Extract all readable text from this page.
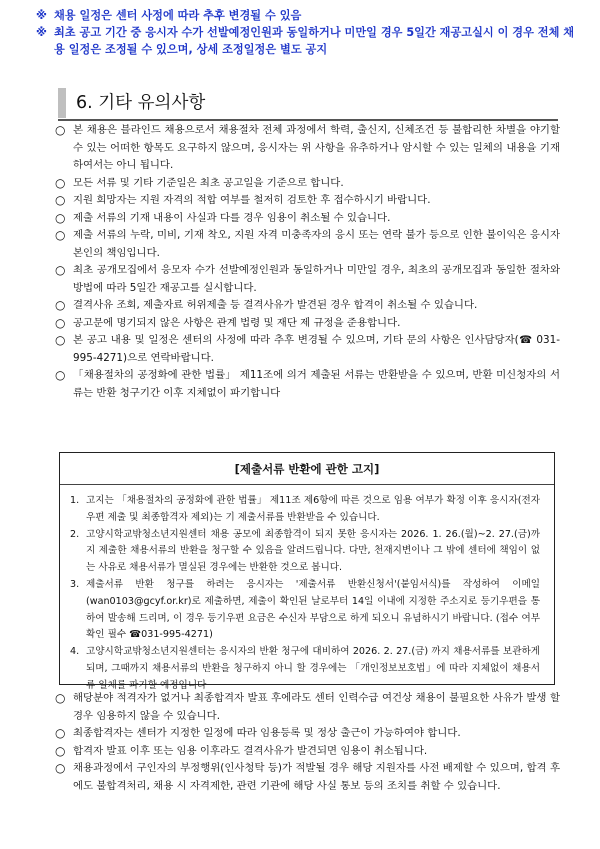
※ 채용 일정은 센터 사정에 따라 추후 변경될 수 있음
※ 최초 공고 기간 중 응시자 수가 선발예정인원과 동일하거나 미만일 경우 5일간 재공고실시 이 경우 전체 채용 일정은 조정될 수 있으며, 상세 조정일정은 별도 공지
6. 기타 유의사항
○ 본 채용은 블라인드 채용으로서 채용절차 전체 과정에서 학력, 출신지, 신체조건 등 불합리한 차별을 야기할 수 있는 어떠한 항목도 요구하지 않으며, 응시자는 위 사항을 유추하거나 암시할 수 있는 일체의 내용을 기재하여서는 아니 됩니다.
○ 모든 서류 및 기타 기준일은 최초 공고일을 기준으로 합니다.
○ 지원 희망자는 지원 자격의 적합 여부를 철저히 검토한 후 접수하시기 바랍니다.
○ 제출 서류의 기재 내용이 사실과 다를 경우 임용이 취소될 수 있습니다.
○ 제출 서류의 누락, 미비, 기재 착오, 지원 자격 미충족자의 응시 또는 연락 불가 등으로 인한 불이익은 응시자 본인의 책임입니다.
○ 최초 공개모집에서 응모자 수가 선발예정인원과 동일하거나 미만일 경우, 최초의 공개모집과 동일한 절차와 방법에 따라 5일간 재공고를 실시합니다.
○ 결격사유 조회, 제출자료 허위제출 등 결격사유가 발견된 경우 합격이 취소될 수 있습니다.
○ 공고문에 명기되지 않은 사항은 관계 법령 및 재단 제 규정을 준용합니다.
○ 본 공고 내용 및 일정은 센터의 사정에 따라 추후 변경될 수 있으며, 기타 문의 사항은 인사담당자(☎ 031-995-4271)으로 연락바랍니다.
○ 「채용절차의 공정화에 관한 법률」 제11조에 의거 제출된 서류는 반환받을 수 있으며, 반환 미신청자의 서류는 반환 청구기간 이후 지체없이 파기합니다
[제출서류 반환에 관한 고지]
1. 고지는 「채용절차의 공정화에 관한 법률」 제11조 제6항에 따른 것으로 임용 여부가 확정 이후 응시자(전자우편 제출 및 최종합격자 제외)는 기 제출서류를 반환받을 수 있습니다.
2. 고양시학교밖청소년지원센터 채용 공모에 최종합격이 되지 못한 응시자는 2026. 1. 26.(월)~2. 27.(금)까지 제출한 채용서류의 반환을 청구할 수 있음을 알려드립니다. 다만, 천재지변이나 그 밖에 센터에 책임이 없는 사유로 채용서류가 멸실된 경우에는 반환한 것으로 봅니다.
3. 제출서류 반환 청구를 하려는 응시자는 '제출서류 반환신청서'(붙임서식)를 작성하여 이메일(wan0103@gcyf.or.kr)로 제출하면, 제출이 확인된 날로부터 14일 이내에 지정한 주소지로 등기우편을 통하여 발송해 드리며, 이 경우 등기우편 요금은 수신자 부담으로 하게 되오니 유념하시기 바랍니다. (접수 여부 확인 필수 ☎031-995-4271)
4. 고양시학교밖청소년지원센터는 응시자의 반환 청구에 대비하여 2026. 2. 27.(금) 까지 채용서류를 보관하게 되며, 그때까지 채용서류의 반환을 청구하지 아니 할 경우에는 「개인정보보호법」에 따라 지체없이 채용서류 일체를 파기할 예정입니다
○ 해당분야 적격자가 없거나 최종합격자 발표 후에라도 센터 인력수급 여건상 채용이 불필요한 사유가 발생 할 경우 임용하지 않을 수 있습니다.
○ 최종합격자는 센터가 지정한 일정에 따라 임용등록 및 정상 출근이 가능하여야 합니다.
○ 합격자 발표 이후 또는 임용 이후라도 결격사유가 발견되면 임용이 취소됩니다.
○ 채용과정에서 구인자의 부정행위(인사청탁 등)가 적발될 경우 해당 지원자를 사전 배제할 수 있으며, 합격 후에도 불합격처리, 채용 시 자격제한, 관련 기관에 해당 사실 통보 등의 조치를 취할 수 있습니다.
